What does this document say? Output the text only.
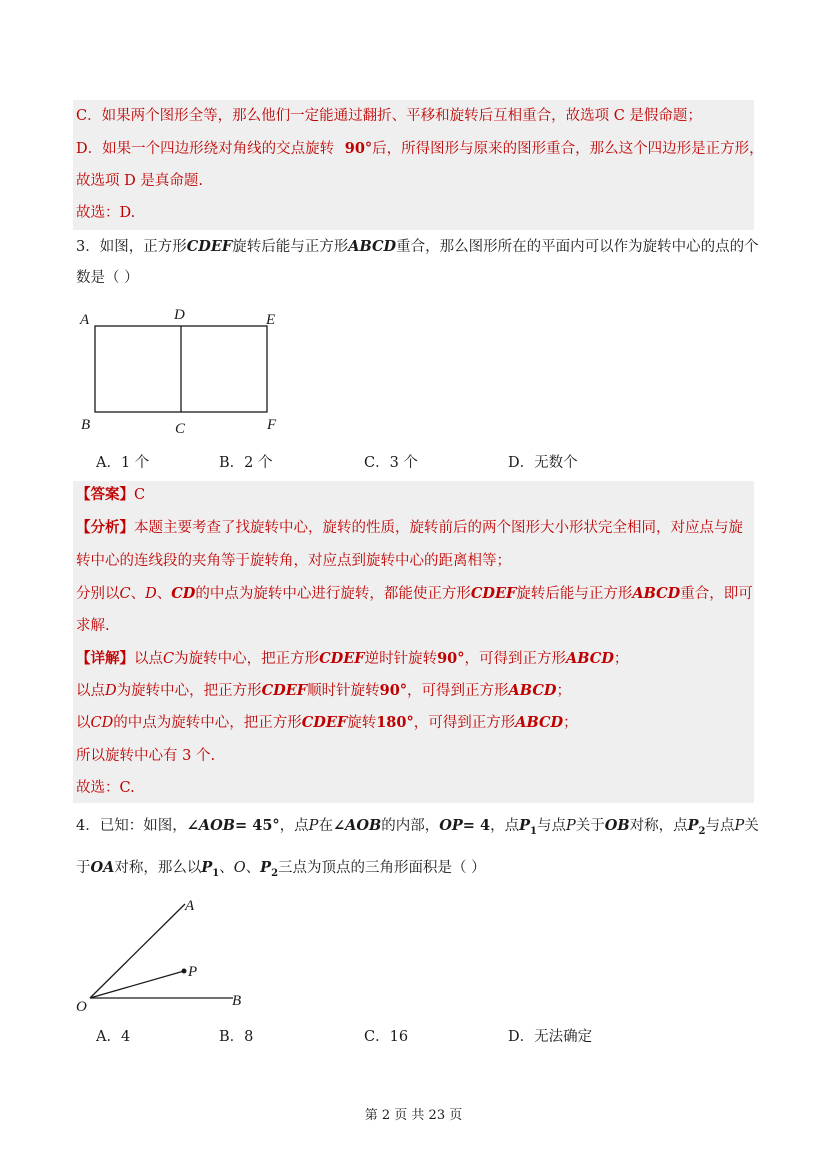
C．如果两个图形全等，那么他们一定能通过翻折、平移和旋转后互相重合，故选项 C 是假命题；
D．如果一个四边形绕对角线的交点旋转 90°后，所得图形与原来的图形重合，那么这个四边形是正方形，
故选项 D 是真命题.
故选：D.
3．如图，正方形CDEF旋转后能与正方形ABCD重合，那么图形所在的平面内可以作为旋转中心的点的个
数是（ ）
A	D	E
B	C	F
A．1 个	B．2 个	C．3 个	D．无数个
【答案】C
【分析】本题主要考查了找旋转中心，旋转的性质，旋转前后的两个图形大小形状完全相同，对应点与旋
转中心的连线段的夹角等于旋转角，对应点到旋转中心的距离相等；
分别以C、D、CD的中点为旋转中心进行旋转，都能使正方形CDEF旋转后能与正方形ABCD重合，即可
求解.
【详解】以点C为旋转中心，把正方形CDEF逆时针旋转90°，可得到正方形ABCD；
以点D为旋转中心，把正方形CDEF顺时针旋转90°，可得到正方形ABCD；
以CD的中点为旋转中心，把正方形CDEF旋转180°，可得到正方形ABCD；
所以旋转中心有 3 个.
故选：C.
4．已知：如图，∠AOB= 45°，点P在∠AOB的内部，OP= 4，点$P_1$与点P关于OB对称，点$P_2$与点P关
于OA对称，那么以$P_1$、O、$P_2$三点为顶点的三角形面积是（ ）
A
P
O	B
A．4	B．8	C．16	D．无法确定
第 2 页 共 23 页
